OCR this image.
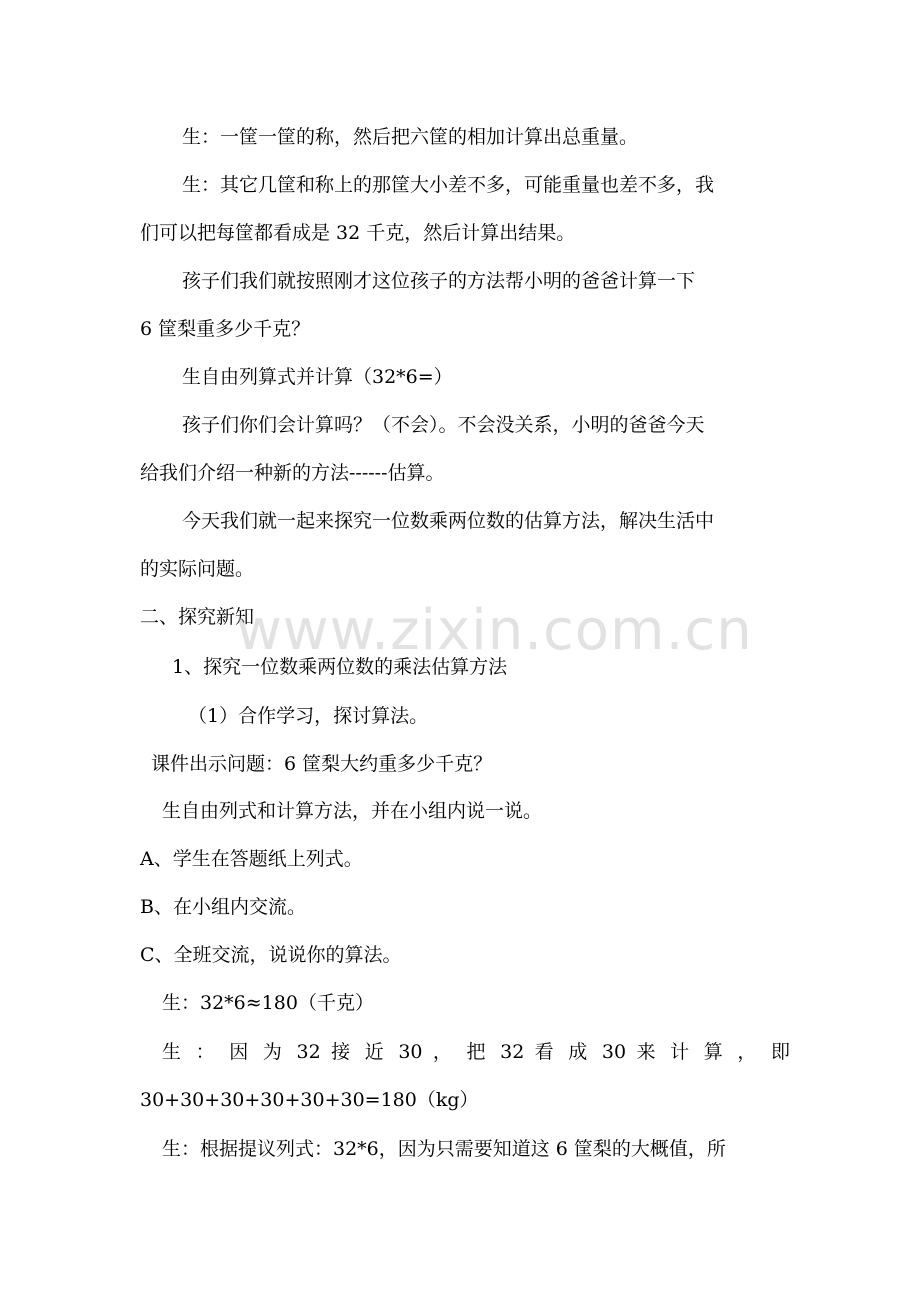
生：一筐一筐的称，然后把六筐的相加计算出总重量。
生：其它几筐和称上的那筐大小差不多，可能重量也差不多，我
们可以把每筐都看成是 32 千克，然后计算出结果。
孩子们我们就按照刚才这位孩子的方法帮小明的爸爸计算一下
6 筐梨重多少千克？
生自由列算式并计算（32*6=）
孩子们你们会计算吗？（不会）。不会没关系，小明的爸爸今天
给我们介绍一种新的方法------估算。
今天我们就一起来探究一位数乘两位数的估算方法，解决生活中
的实际问题。
二、探究新知
1、探究一位数乘两位数的乘法估算方法
（1）合作学习，探讨算法。
课件出示问题：6 筐梨大约重多少千克？
生自由列式和计算方法，并在小组内说一说。
A、学生在答题纸上列式。
B、在小组内交流。
C、全班交流，说说你的算法。
生：32*6≈180（千克）
生 ： 因 为 32 接 近 30 ， 把 32 看 成 30 来 计 算 ， 即
30+30+30+30+30+30=180（kg）
生：根据提议列式：32*6，因为只需要知道这 6 筐梨的大概值，所
www.zixin.com.cn
